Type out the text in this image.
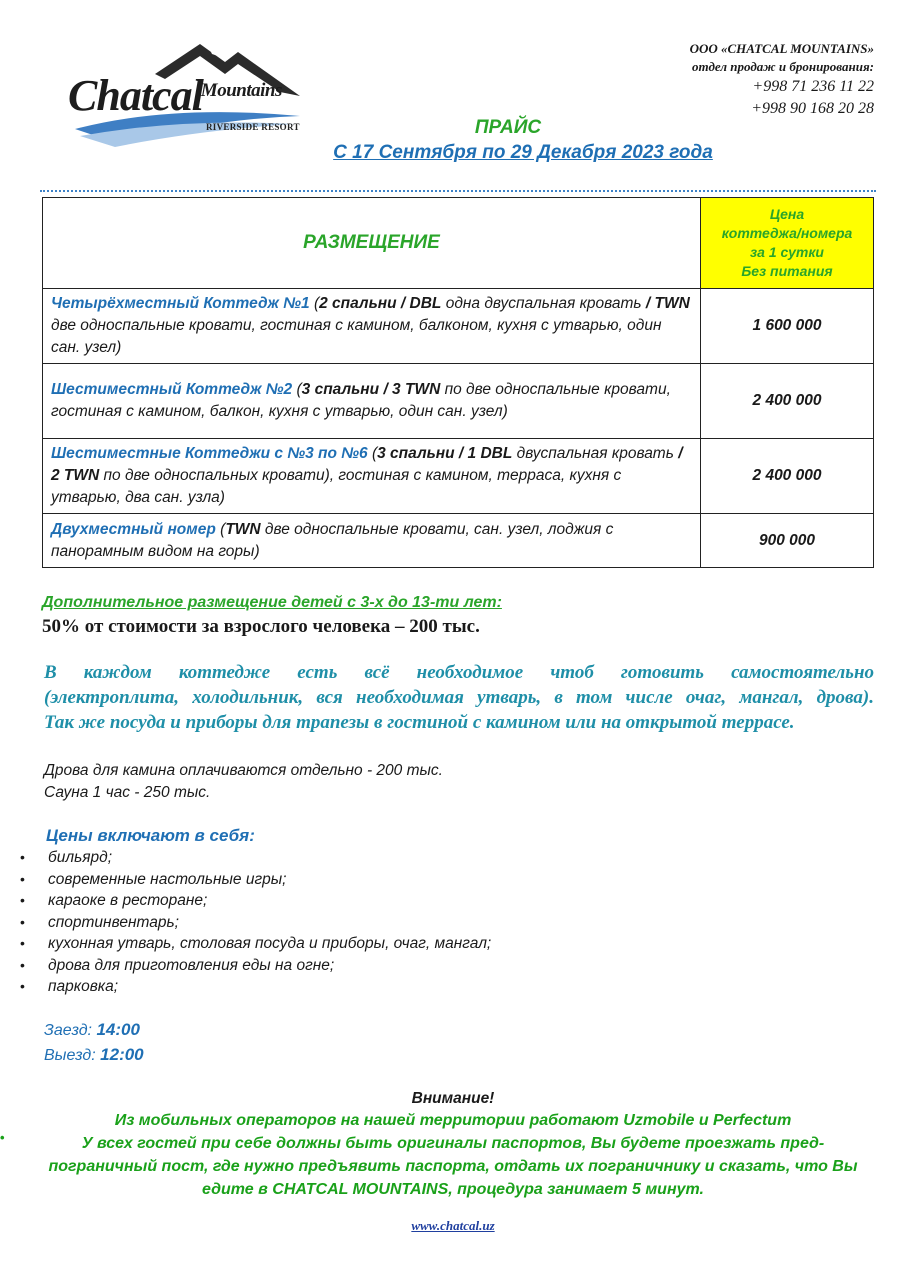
ChatcalMountains
RIVERSIDE RESORT
ООО «CHATCAL MOUNTAINS»
отдел продаж и бронирования:
+998 71 236 11 22
+998 90 168 20 28
ПРАЙС
С 17 Сентября по 29 Декабря 2023 года
РАЗМЕЩЕНИЕ	Цена
коттеджа/номера
за 1 сутки
Без питания

Четырёхместный Коттедж №1 (2 спальни / DBL одна двуспальная кровать / TWN две односпальные кровати, гостиная с камином, балконом, кухня с утварью, один сан. узел)	1 600 000
Шестиместный Коттедж №2 (3 спальни / 3 TWN по две односпальные кровати, гостиная с камином, балкон, кухня с утварью, один сан. узел)	2 400 000
Шестиместные Коттеджи с №3 по №6 (3 спальни / 1 DBL двуспальная кровать / 2 TWN по две односпальных кровати), гостиная с камином, терраса, кухня с утварью, два сан. узла)	2 400 000
Двухместный номер (TWN две односпальные кровати, сан. узел, лоджия с панорамным видом на горы)	900 000
Дополнительное размещение детей с 3-х до 13-ти лет:
50% от стоимости за взрослого человека – 200 тыс.
В каждом коттедже есть всё необходимое чтоб готовить самостоятельно
(электроплита, холодильник, вся необходимая утварь, в том числе очаг, мангал, дрова).
Так же посуда и приборы для трапезы в гостиной с камином или на открытой террасе.
Дрова для камина оплачиваются отдельно - 200 тыс.
Сауна 1 час - 250 тыс.
Цены включают в себя:
• бильярд;
• современные настольные игры;
• караоке в ресторане;
• спортинвентарь;
• кухонная утварь, столовая посуда и приборы, очаг, мангал;
• дрова для приготовления еды на огне;
• парковка;
Заезд: 14:00
Выезд: 12:00
•
Внимание!
Из мобильных операторов на нашей территории работают Uzmobile и Perfectum
У всех гостей при себе должны быть оригиналы паспортов, Вы будете проезжать пред-пограничный пост, где нужно предъявить паспорта, отдать их пограничнику и сказать, что Вы едите в CHATCAL MOUNTAINS, процедура занимает 5 минут.
www.chatcal.uz
